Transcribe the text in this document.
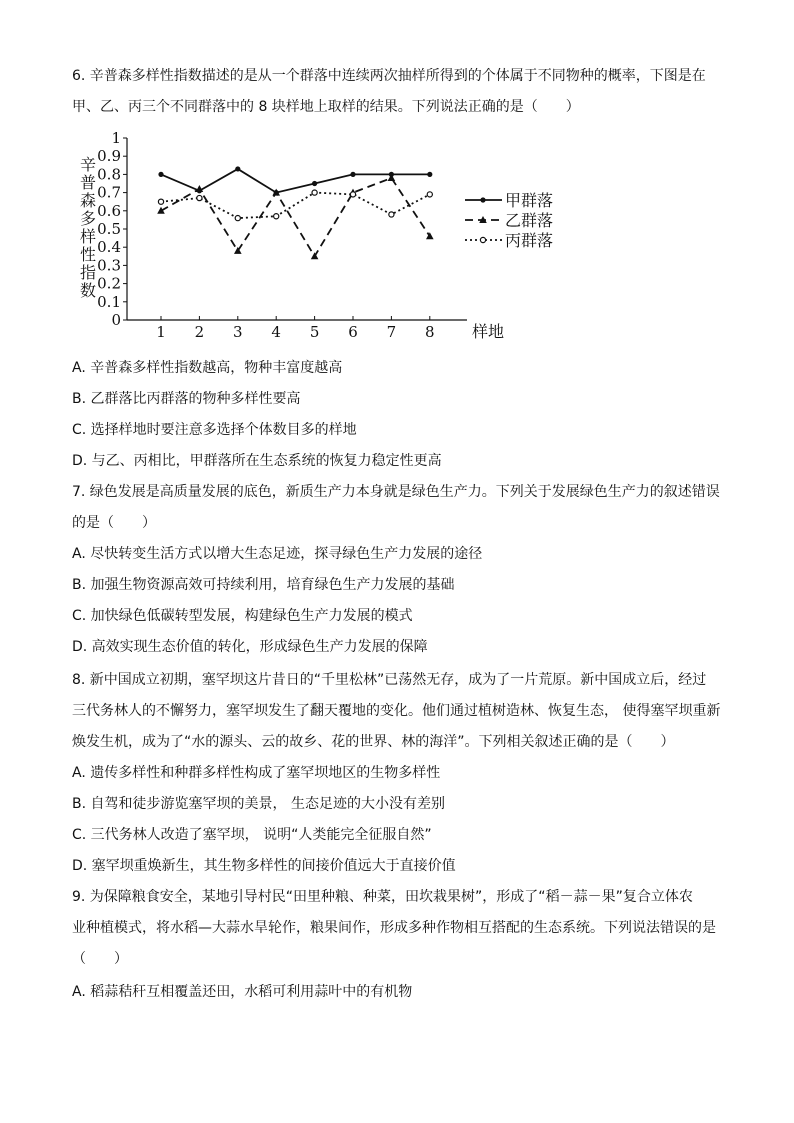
6. 辛普森多样性指数描述的是从一个群落中连续两次抽样所得到的个体属于不同物种的概率，下图是在
甲、乙、丙三个不同群落中的 8 块样地上取样的结果。下列说法正确的是（　　）
辛
普
森
多
样
性
指
数
0
0.1
0.2
0.3
0.4
0.5
0.6
0.7
0.8
0.9
1
1 2 3 4 5 6 7 8 样地
甲群落
乙群落
丙群落
A. 辛普森多样性指数越高，物种丰富度越高
B. 乙群落比丙群落的物种多样性要高
C. 选择样地时要注意多选择个体数目多的样地
D. 与乙、丙相比，甲群落所在生态系统的恢复力稳定性更高
7. 绿色发展是高质量发展的底色，新质生产力本身就是绿色生产力。下列关于发展绿色生产力的叙述错误
的是（　　）
A. 尽快转变生活方式以增大生态足迹，探寻绿色生产力发展的途径
B. 加强生物资源高效可持续利用，培育绿色生产力发展的基础
C. 加快绿色低碳转型发展，构建绿色生产力发展的模式
D. 高效实现生态价值的转化，形成绿色生产力发展的保障
8. 新中国成立初期，塞罕坝这片昔日的“千里松林”已荡然无存，成为了一片荒原。新中国成立后，经过
三代务林人的不懈努力，塞罕坝发生了翻天覆地的变化。他们通过植树造林、恢复生态， 使得塞罕坝重新
焕发生机，成为了“水的源头、云的故乡、花的世界、林的海洋”。下列相关叙述正确的是（　　）
A. 遗传多样性和种群多样性构成了塞罕坝地区的生物多样性
B. 自驾和徒步游览塞罕坝的美景， 生态足迹的大小没有差别
C. 三代务林人改造了塞罕坝， 说明“人类能完全征服自然”
D. 塞罕坝重焕新生，其生物多样性的间接价值远大于直接价值
9. 为保障粮食安全，某地引导村民“田里种粮、种菜，田坎栽果树”，形成了“稻－蒜－果”复合立体农
业种植模式，将水稻—大蒜水旱轮作，粮果间作，形成多种作物相互搭配的生态系统。下列说法错误的是
（　　）
A. 稻蒜秸秆互相覆盖还田，水稻可利用蒜叶中的有机物
